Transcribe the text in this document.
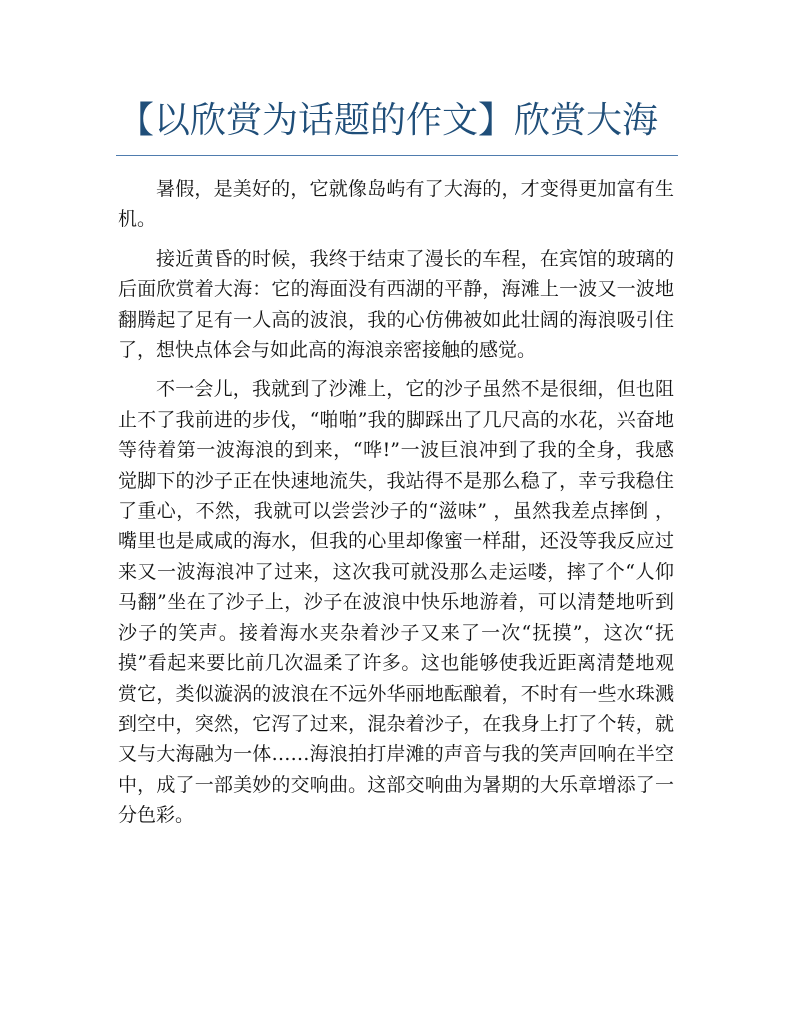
【以欣赏为话题的作文】欣赏大海

暑假，是美好的，它就像岛屿有了大海的，才变得更加富有生机。

接近黄昏的时候，我终于结束了漫长的车程，在宾馆的玻璃的后面欣赏着大海：它的海面没有西湖的平静，海滩上一波又一波地翻腾起了足有一人高的波浪，我的心仿佛被如此壮阔的海浪吸引住了，想快点体会与如此高的海浪亲密接触的感觉。

不一会儿，我就到了沙滩上，它的沙子虽然不是很细，但也阻止不了我前进的步伐，“啪啪”我的脚踩出了几尺高的水花，兴奋地等待着第一波海浪的到来，“哗!”一波巨浪冲到了我的全身，我感觉脚下的沙子正在快速地流失，我站得不是那么稳了，幸亏我稳住了重心，不然，我就可以尝尝沙子的“滋味” ，虽然我差点摔倒 ，嘴里也是咸咸的海水，但我的心里却像蜜一样甜，还没等我反应过来又一波海浪冲了过来，这次我可就没那么走运喽，摔了个“人仰马翻”坐在了沙子上，沙子在波浪中快乐地游着，可以清楚地听到沙子的笑声。接着海水夹杂着沙子又来了一次“抚摸”，这次“抚摸”看起来要比前几次温柔了许多。这也能够使我近距离清楚地观赏它，类似漩涡的波浪在不远外华丽地酝酿着，不时有一些水珠溅到空中，突然，它泻了过来，混杂着沙子，在我身上打了个转，就又与大海融为一体……海浪拍打岸滩的声音与我的笑声回响在半空中，成了一部美妙的交响曲。这部交响曲为暑期的大乐章增添了一分色彩。
